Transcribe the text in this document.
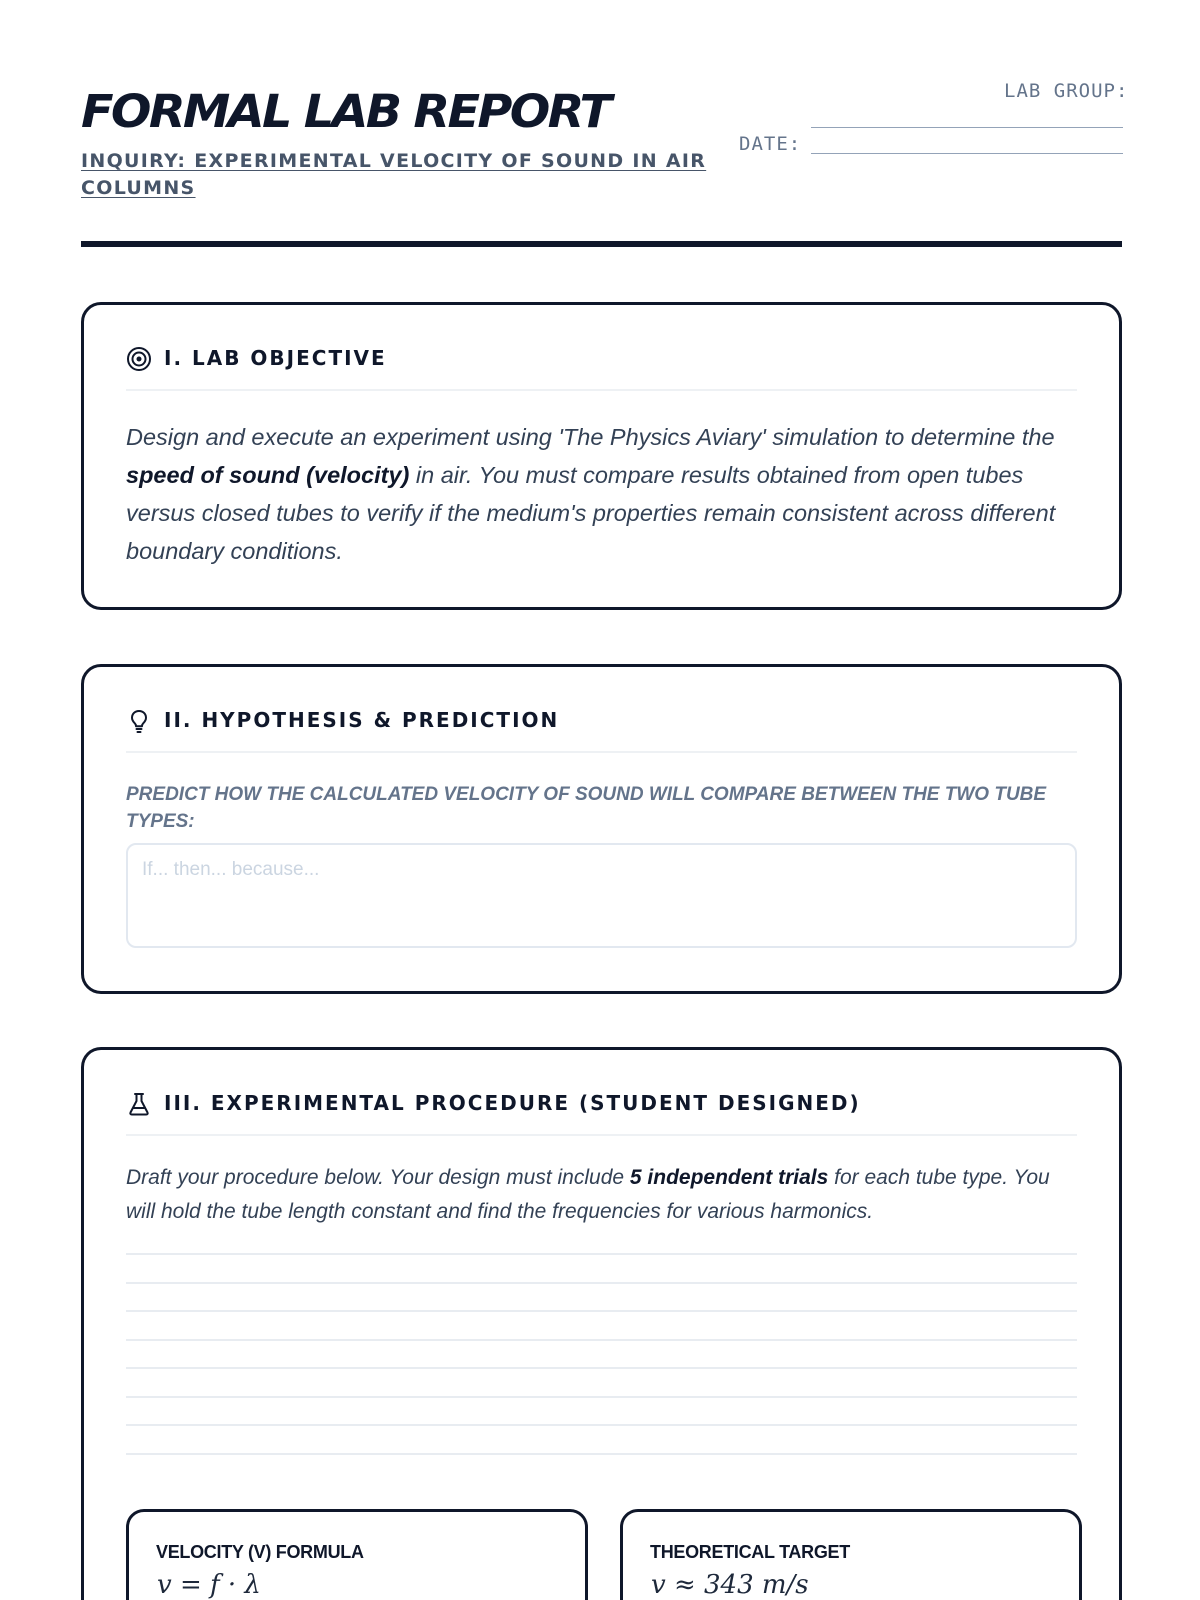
FORMAL LAB REPORT
INQUIRY: EXPERIMENTAL VELOCITY OF SOUND IN AIR COLUMNS
LAB GROUP:
DATE:
I. LAB OBJECTIVE

Design and execute an experiment using 'The Physics Aviary' simulation to determine the speed of sound (velocity) in air. You must compare results obtained from open tubes versus closed tubes to verify if the medium's properties remain consistent across different boundary conditions.

II. HYPOTHESIS & PREDICTION
PREDICT HOW THE CALCULATED VELOCITY OF SOUND WILL COMPARE BETWEEN THE TWO TUBE TYPES:
If... then... because...
III. EXPERIMENTAL PROCEDURE (STUDENT DESIGNED)

Draft your procedure below. Your design must include 5 independent trials for each tube type. You will hold the tube length constant and find the frequencies for various harmonics.

VELOCITY (V) FORMULA
v = f · λ
THEORETICAL TARGET
v ≈ 343 m/s
